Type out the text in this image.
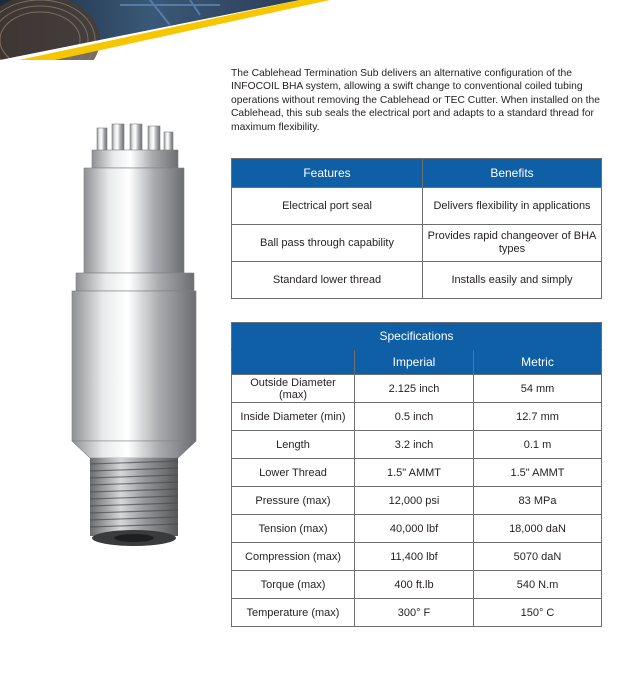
The Cablehead Termination Sub delivers an alternative configuration of the INFOCOIL BHA system, allowing a swift change to conventional coiled tubing operations without removing the Cablehead or TEC Cutter. When installed on the Cablehead, this sub seals the electrical port and adapts to a standard thread for maximum flexibility.

Features	Benefits
Electrical port seal	Delivers flexibility in applications
Ball pass through capability	Provides rapid changeover of BHA types
Standard lower thread	Installs easily and simply
Specifications		
	Imperial	Metric
Outside Diameter (max)	2.125 inch	54 mm
Inside Diameter (min)	0.5 inch	12.7 mm
Length	3.2 inch	0.1 m
Lower Thread	1.5" AMMT	1.5" AMMT
Pressure (max)	12,000 psi	83 MPa
Tension (max)	40,000 lbf	18,000 daN
Compression (max)	11,400 lbf	5070 daN
Torque (max)	400 ft.lb	540 N.m
Temperature (max)	300° F	150° C
